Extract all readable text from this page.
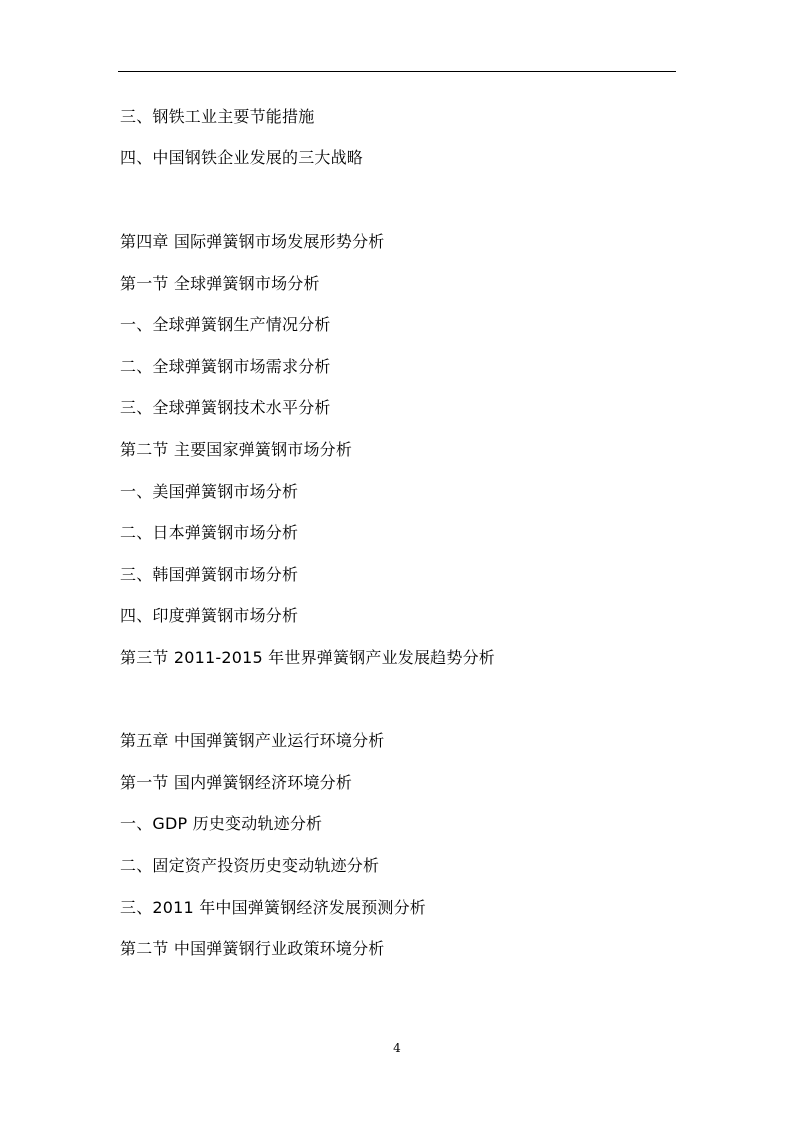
三、钢铁工业主要节能措施
四、中国钢铁企业发展的三大战略
第四章 国际弹簧钢市场发展形势分析
第一节 全球弹簧钢市场分析
一、全球弹簧钢生产情况分析
二、全球弹簧钢市场需求分析
三、全球弹簧钢技术水平分析
第二节 主要国家弹簧钢市场分析
一、美国弹簧钢市场分析
二、日本弹簧钢市场分析
三、韩国弹簧钢市场分析
四、印度弹簧钢市场分析
第三节 2011-2015 年世界弹簧钢产业发展趋势分析
第五章 中国弹簧钢产业运行环境分析
第一节 国内弹簧钢经济环境分析
一、GDP 历史变动轨迹分析
二、固定资产投资历史变动轨迹分析
三、2011 年中国弹簧钢经济发展预测分析
第二节 中国弹簧钢行业政策环境分析
4
